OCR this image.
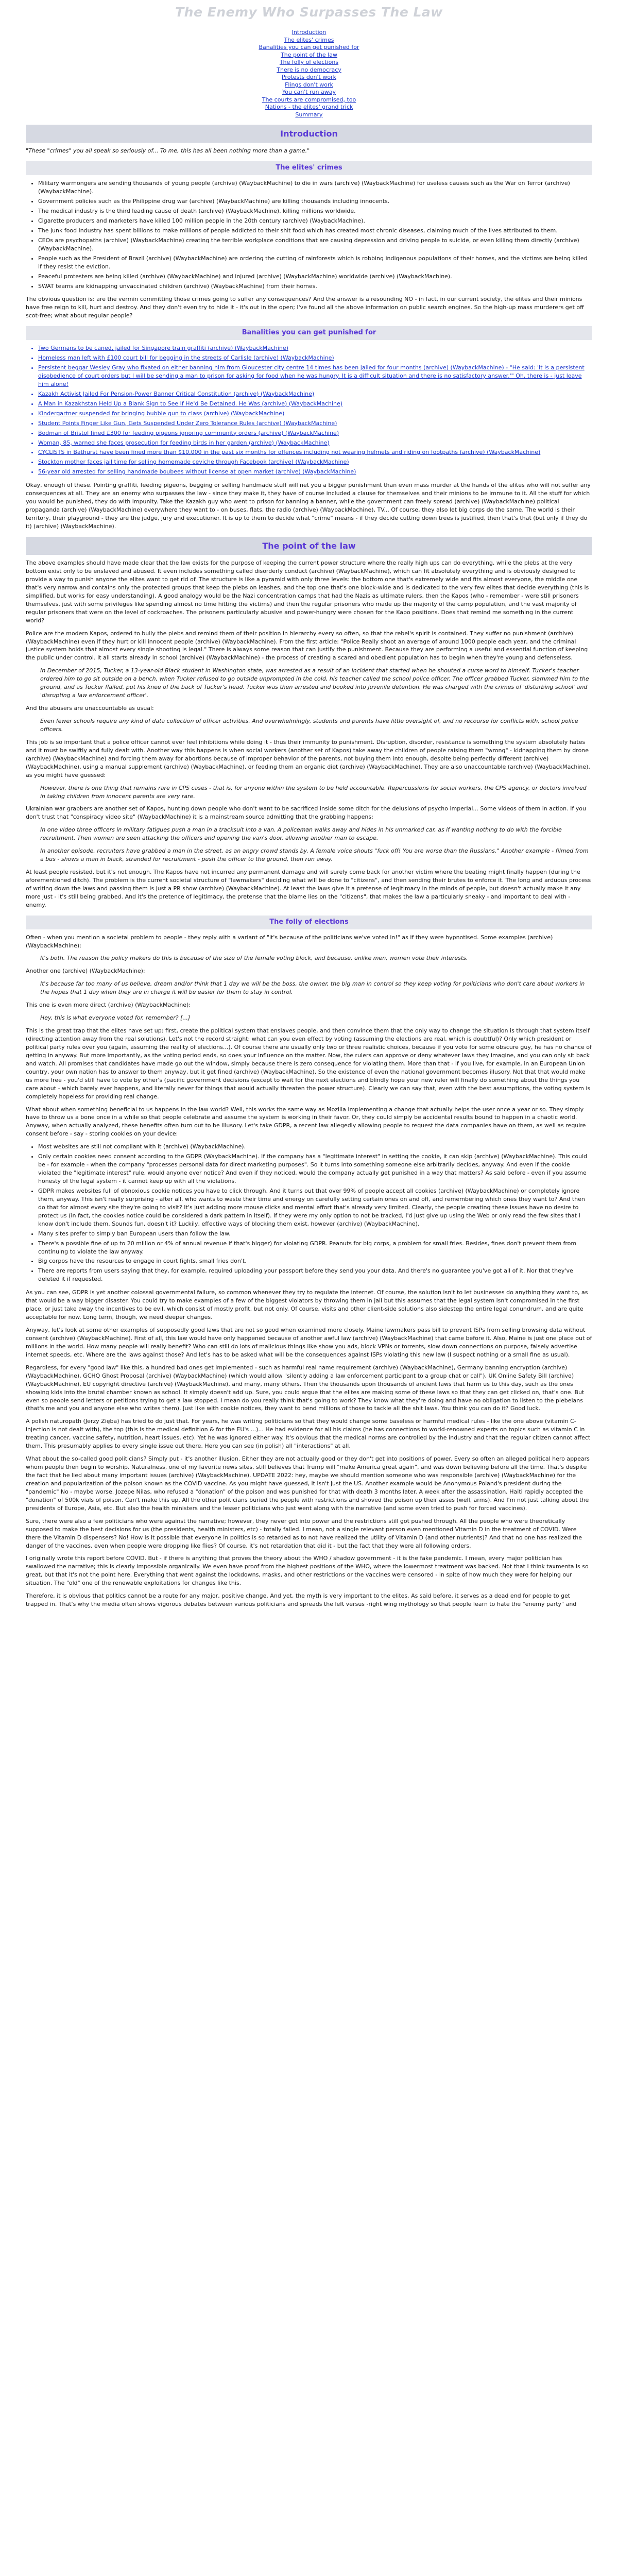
The Enemy Who Surpasses The Law
Introduction
The elites' crimes
Banalities you can get punished for
The point of the law
The folly of elections
There is no democracy
Protests don't work
Flings don't work
You can't run away
The courts are compromised, too
Nations - the elites' grand trick
Summary
Introduction

"These "crimes" you all speak so seriously of... To me, this has all been nothing more than a game."

The elites' crimes
• Military warmongers are sending thousands of young people (archive) (WaybackMachine) to die in wars (archive) (WaybackMachine) for useless causes such as the War on Terror (archive) (WaybackMachine).
• Government policies such as the Philippine drug war (archive) (WaybackMachine) are killing thousands including innocents.
• The medical industry is the third leading cause of death (archive) (WaybackMachine), killing millions worldwide.
• Cigarette producers and marketers have killed 100 million people in the 20th century (archive) (WaybackMachine).
• The junk food industry has spent billions to make millions of people addicted to their shit food which has created most chronic diseases, claiming much of the lives attributed to them.
• CEOs are psychopaths (archive) (WaybackMachine) creating the terrible workplace conditions that are causing depression and driving people to suicide, or even killing them directly (archive) (WaybackMachine).
• People such as the President of Brazil (archive) (WaybackMachine) are ordering the cutting of rainforests which is robbing indigenous populations of their homes, and the victims are being killed if they resist the eviction.
• Peaceful protesters are being killed (archive) (WaybackMachine) and injured (archive) (WaybackMachine) worldwide (archive) (WaybackMachine).
• SWAT teams are kidnapping unvaccinated children (archive) (WaybackMachine) from their homes.

The obvious question is: are the vermin committing those crimes going to suffer any consequences? And the answer is a resounding NO - in fact, in our current society, the elites and their minions have free reign to kill, hurt and destroy. And they don't even try to hide it - it's out in the open; I've found all the above information on public search engines. So the high-up mass murderers get off scot-free; what about regular people?

Banalities you can get punished for
• Two Germans to be caned, jailed for Singapore train graffiti (archive) (WaybackMachine)
• Homeless man left with £100 court bill for begging in the streets of Carlisle (archive) (WaybackMachine)
• Persistent beggar Wesley Gray who fixated on either banning him from Gloucester city centre 14 times has been jailed for four months (archive) (WaybackMachine) - "He said: 'It is a persistent disobedience of court orders but I will be sending a man to prison for asking for food when he was hungry. It is a difficult situation and there is no satisfactory answer.'" Oh, there is - just leave him alone!
• Kazakh Activist Jailed For Pension-Power Banner Critical Constitution (archive) (WaybackMachine)
• A Man in Kazakhstan Held Up a Blank Sign to See If He'd Be Detained. He Was (archive) (WaybackMachine)
• Kindergartner suspended for bringing bubble gun to class (archive) (WaybackMachine)
• Student Points Finger Like Gun, Gets Suspended Under Zero Tolerance Rules (archive) (WaybackMachine)
• Bodman of Bristol fined £300 for feeding pigeons ignoring community orders (archive) (WaybackMachine)
• Woman, 85, warned she faces prosecution for feeding birds in her garden (archive) (WaybackMachine)
• CYCLISTS in Bathurst have been fined more than $10,000 in the past six months for offences including not wearing helmets and riding on footpaths (archive) (WaybackMachine)
• Stockton mother faces jail time for selling homemade ceviche through Facebook (archive) (WaybackMachine)
• 56-year old arrested for selling handmade boubees without license at open market (archive) (WaybackMachine)

Okay, enough of these. Pointing graffiti, feeding pigeons, begging or selling handmade stuff will net you a bigger punishment than even mass murder at the hands of the elites who will not suffer any consequences at all. They are an enemy who surpasses the law - since they make it, they have of course included a clause for themselves and their minions to be immune to it. All the stuff for which you would be punished, they do with impunity. Take the Kazakh guy who went to prison for banning a banner, while the government can freely spread (archive) (WaybackMachine) political propaganda (archive) (WaybackMachine) everywhere they want to - on buses, flats, the radio (archive) (WaybackMachine), TV... Of course, they also let big corps do the same. The world is their territory, their playground - they are the judge, jury and executioner. It is up to them to decide what "crime" means - if they decide cutting down trees is justified, then that's that (but only if they do it) (archive) (WaybackMachine).

The point of the law

The above examples should have made clear that the law exists for the purpose of keeping the current power structure where the really high ups can do everything, while the plebs at the very bottom exist only to be enslaved and abused. It even includes something called disorderly conduct (archive) (WaybackMachine), which can fit absolutely everything and is obviously designed to provide a way to punish anyone the elites want to get rid of. The structure is like a pyramid with only three levels: the bottom one that's extremely wide and fits almost everyone, the middle one that's very narrow and contains only the protected groups that keep the plebs on leashes, and the top one that's one block-wide and is dedicated to the very few elites that decide everything (this is simplified, but works for easy understanding). A good analogy would be the Nazi concentration camps that had the Nazis as ultimate rulers, then the Kapos (who - remember - were still prisoners themselves, just with some privileges like spending almost no time hitting the victims) and then the regular prisoners who made up the majority of the camp population, and the vast majority of regular prisoners that were on the level of cockroaches. The prisoners particularly abusive and power-hungry were chosen for the Kapo positions. Does that remind me something in the current world?

Police are the modern Kapos, ordered to bully the plebs and remind them of their position in hierarchy every so often, so that the rebel's spirit is contained. They suffer no punishment (archive) (WaybackMachine) even if they hurt or kill innocent people (archive) (WaybackMachine). From the first article: "Police Really shoot an average of around 1000 people each year, and the criminal justice system holds that almost every single shooting is legal." There is always some reason that can justify the punishment. Because they are performing a useful and essential function of keeping the public under control. It all starts already in school (archive) (WaybackMachine) - the process of creating a scared and obedient population has to begin when they're young and defenseless.

In December of 2015, Tucker, a 13-year-old Black student in Washington state, was arrested as a result of an incident that started when he shouted a curse word to himself. Tucker's teacher ordered him to go sit outside on a bench, when Tucker refused to go outside unprompted in the cold, his teacher called the school police officer. The officer grabbed Tucker, slammed him to the ground, and as Tucker flailed, put his knee of the back of Tucker's head. Tucker was then arrested and booked into juvenile detention. He was charged with the crimes of 'disturbing school' and 'disrupting a law enforcement officer'.

And the abusers are unaccountable as usual:

Even fewer schools require any kind of data collection of officer activities. And overwhelmingly, students and parents have little oversight of, and no recourse for conflicts with, school police officers.

This job is so important that a police officer cannot ever feel inhibitions while doing it - thus their immunity to punishment. Disruption, disorder, resistance is something the system absolutely hates and it must be swiftly and fully dealt with. Another way this happens is when social workers (another set of Kapos) take away the children of people raising them "wrong" - kidnapping them by drone (archive) (WaybackMachine) and forcing them away for abortions because of improper behavior of the parents, not buying them into enough, despite being perfectly different (archive) (WaybackMachine), using a manual supplement (archive) (WaybackMachine), or feeding them an organic diet (archive) (WaybackMachine). They are also unaccountable (archive) (WaybackMachine), as you might have guessed:

However, there is one thing that remains rare in CPS cases - that is, for anyone within the system to be held accountable. Repercussions for social workers, the CPS agency, or doctors involved in taking children from innocent parents are very rare.

Ukrainian war grabbers are another set of Kapos, hunting down people who don't want to be sacrificed inside some ditch for the delusions of psycho imperial... Some videos of them in action. If you don't trust that "conspiracy video site" (WaybackMachine) it is a mainstream source admitting that the grabbing happens:

In one video three officers in military fatigues push a man in a tracksuit into a van. A policeman walks away and hides in his unmarked car, as if wanting nothing to do with the forcible recruitment. Then women are seen attacking the officers and opening the van's door, allowing another man to escape.

In another episode, recruiters have grabbed a man in the street, as an angry crowd stands by. A female voice shouts "fuck off! You are worse than the Russians." Another example - filmed from a bus - shows a man in black, stranded for recruitment - push the officer to the ground, then run away.

At least people resisted, but it's not enough. The Kapos have not incurred any permanent damage and will surely come back for another victim where the beating might finally happen (during the aforementioned ditch). The problem is the current societal structure of "lawmakers" deciding what will be done to "citizens", and then sending their brutes to enforce it. The long and arduous process of writing down the laws and passing them is just a PR show (archive) (WaybackMachine). At least the laws give it a pretense of legitimacy in the minds of people, but doesn't actually make it any more just - it's still being grabbed. And it's the pretence of legitimacy, the pretense that the blame lies on the "citizens", that makes the law a particularly sneaky - and important to deal with - enemy.

The folly of elections

Often - when you mention a societal problem to people - they reply with a variant of "it's because of the politicians we've voted in!" as if they were hypnotised. Some examples (archive) (WaybackMachine):

It's both. The reason the policy makers do this is because of the size of the female voting block, and because, unlike men, women vote their interests.

Another one (archive) (WaybackMachine):

It's because far too many of us believe, dream and/or think that 1 day we will be the boss, the owner, the big man in control so they keep voting for politicians who don't care about workers in the hopes that 1 day when they are in charge it will be easier for them to stay in control.

This one is even more direct (archive) (WaybackMachine):

Hey, this is what everyone voted for, remember? [...]

This is the great trap that the elites have set up: first, create the political system that enslaves people, and then convince them that the only way to change the situation is through that system itself (directing attention away from the real solutions). Let's not the record straight: what can you even effect by voting (assuming the elections are real, which is doubtful)? Only which president or political party rules over you (again, assuming the reality of elections...). Of course there are usually only two or three realistic choices, because if you vote for some obscure guy, he has no chance of getting in anyway. But more importantly, as the voting period ends, so does your influence on the matter. Now, the rulers can approve or deny whatever laws they imagine, and you can only sit back and watch. All promises that candidates have made go out the window, simply because there is zero consequence for violating them. More than that - if you live, for example, in an European Union country, your own nation has to answer to them anyway, but it get fined (archive) (WaybackMachine). So the existence of even the national government becomes illusory. Not that that would make us more free - you'd still have to vote by other's (pacific government decisions (except to wait for the next elections and blindly hope your new ruler will finally do something about the things you care about - which barely ever happens, and literally never for things that would actually threaten the power structure). Clearly we can say that, even with the best assumptions, the voting system is completely hopeless for providing real change.

What about when something beneficial to us happens in the law world? Well, this works the same way as Mozilla implementing a change that actually helps the user once a year or so. They simply have to throw us a bone once in a while so that people celebrate and assume the system is working in their favor. Or, they could simply be accidental results bound to happen in a chaotic world. Anyway, when actually analyzed, these benefits often turn out to be illusory. Let's take GDPR, a recent law allegedly allowing people to request the data companies have on them, as well as require consent before - say - storing cookies on your device:

• Most websites are still not compliant with it (archive) (WaybackMachine).
• Only certain cookies need consent according to the GDPR (WaybackMachine). If the company has a "legitimate interest" in setting the cookie, it can skip (archive) (WaybackMachine). This could be - for example - when the company "processes personal data for direct marketing purposes". So it turns into something someone else arbitrarily decides, anyway. And even if the cookie violated the "legitimate interest" rule, would anyone ever notice? And even if they noticed, would the company actually get punished in a way that matters? As said before - even if you assume honesty of the legal system - it cannot keep up with all the violations.
• GDPR makes websites full of obnoxious cookie notices you have to click through. And it turns out that over 99% of people accept all cookies (archive) (WaybackMachine) or completely ignore them, anyway. This isn't really surprising - after all, who wants to waste their time and energy on carefully setting certain ones on and off, and remembering which ones they want to? And then do that for almost every site they're going to visit? It's just adding more mouse clicks and mental effort that's already very limited. Clearly, the people creating these issues have no desire to protect us (in fact, the cookies notice could be considered a dark pattern in itself). If they were my only option to not be tracked, I'd just give up using the Web or only read the few sites that I know don't include them. Sounds fun, doesn't it? Luckily, effective ways of blocking them exist, however (archive) (WaybackMachine).
• Many sites prefer to simply ban European users than follow the law.
• There's a possible fine of up to 20 million or 4% of annual revenue if that's bigger) for violating GDPR. Peanuts for big corps, a problem for small fries. Besides, fines don't prevent them from continuing to violate the law anyway.
• Big corpos have the resources to engage in court fights, small fries don't.
• There are reports from users saying that they, for example, required uploading your passport before they send you your data. And there's no guarantee you've got all of it. Nor that they've deleted it if requested.

As you can see, GDPR is yet another colossal governmental failure, so common whenever they try to regulate the internet. Of course, the solution isn't to let businesses do anything they want to, as that would be a way bigger disaster. You could try to make examples of a few of the biggest violators by throwing them in jail but this assumes that the legal system isn't compromised in the first place, or just take away the incentives to be evil, which consist of mostly profit, but not only. Of course, visits and other client-side solutions also sidestep the entire legal conundrum, and are quite acceptable for now. Long term, though, we need deeper changes.

Anyway, let's look at some other examples of supposedly good laws that are not so good when examined more closely. Maine lawmakers pass bill to prevent ISPs from selling browsing data without consent (archive) (WaybackMachine). First of all, this law would have only happened because of another awful law (archive) (WaybackMachine) that came before it. Also, Maine is just one place out of millions in the world. How many people will really benefit? Who can still do lots of malicious things like show you ads, block VPNs or torrents, slow down connections on purpose, falsely advertise internet speeds, etc. Where are the laws against those? And let's has to be asked what will be the consequences against ISPs violating this new law (I suspect nothing or a small fine as usual).

Regardless, for every "good law" like this, a hundred bad ones get implemented - such as harmful real name requirement (archive) (WaybackMachine), Germany banning encryption (archive) (WaybackMachine), GCHQ Ghost Proposal (archive) (WaybackMachine) (which would allow "silently adding a law enforcement participant to a group chat or call"), UK Online Safety Bill (archive) (WaybackMachine), EU copyright directive (archive) (WaybackMachine), and many, many others. Then the thousands upon thousands of ancient laws that harm us to this day, such as the ones showing kids into the brutal chamber known as school. It simply doesn't add up. Sure, you could argue that the elites are making some of these laws so that they can get clicked on, that's one. But even so people send letters or petitions trying to get a law stopped. I mean do you really think that's going to work? They know what they're doing and have no obligation to listen to the plebeians (that's me and you and anyone else who writes them). Just like with cookie notices, they want to bend millions of those to tackle all the shit laws. You think you can do it? Good luck.

A polish naturopath (Jerzy Zięba) has tried to do just that. For years, he was writing politicians so that they would change some baseless or harmful medical rules - like the one above (vitamin C-injection is not dealt with), the top (this is the medical definition & for the EU's ...)... He had evidence for all his claims (he has connections to world-renowned experts on topics such as vitamin C in treating cancer, vaccine safety, nutrition, heart issues, etc). Yet he was ignored either way. It's obvious that the medical norms are controlled by the industry and that the regular citizen cannot affect them. This presumably applies to every single issue out there. Here you can see (in polish) all "interactions" at all.

What about the so-called good politicians? Simply put - it's another illusion. Either they are not actually good or they don't get into positions of power. Every so often an alleged political hero appears whom people then begin to worship. Naturalness, one of my favorite news sites, still believes that Trump will "make America great again", and was down believing before all the time. That's despite the fact that he lied about many important issues (archive) (WaybackMachine). UPDATE 2022: hey, maybe we should mention someone who was responsible (archive) (WaybackMachine) for the creation and popularization of the poison known as the COVID vaccine. As you might have guessed, it isn't just the US. Another example would be Anonymous Poland's president during the "pandemic" No - maybe worse. Jozepe Nilas, who refused a "donation" of the poison and was punished for that with death 3 months later. A week after the assassination, Haiti rapidly accepted the "donation" of 500k vials of poison. Can't make this up. All the other politicians buried the people with restrictions and shoved the poison up their asses (well, arms). And I'm not just talking about the presidents of Europe, Asia, etc. But also the health ministers and the lesser politicians who just went along with the narrative (and some even tried to push for forced vaccines).

Sure, there were also a few politicians who were against the narrative; however, they never got into power and the restrictions still got pushed through. All the people who were theoretically supposed to make the best decisions for us (the presidents, health ministers, etc) - totally failed. I mean, not a single relevant person even mentioned Vitamin D in the treatment of COVID. Were there the Vitamin D dispensers? No! How is it possible that everyone in politics is so retarded as to not have realized the utility of Vitamin D (and other nutrients)? And that no one has realized the danger of the vaccines, even when people were dropping like flies? Of course, it's not retardation that did it - but the fact that they were all following orders.

I originally wrote this report before COVID. But - if there is anything that proves the theory about the WHO / shadow government - it is the fake pandemic. I mean, every major politician has swallowed the narrative; this is clearly impossible organically. We even have proof from the highest positions of the WHO, where the lowermost treatment was backed. Not that I think taxmenta is so great, but that it's not the point here. Everything that went against the lockdowns, masks, and other restrictions or the vaccines were censored - in spite of how much they were for helping our situation. The "old" one of the renewable exploitations for changes like this.

Therefore, it is obvious that politics cannot be a route for any major, positive change. And yet, the myth is very important to the elites. As said before, it serves as a dead end for people to get trapped in. That's why the media often shows vigorous debates between various politicians and spreads the left versus -right wing mythology so that people learn to hate the "enemy party" and
